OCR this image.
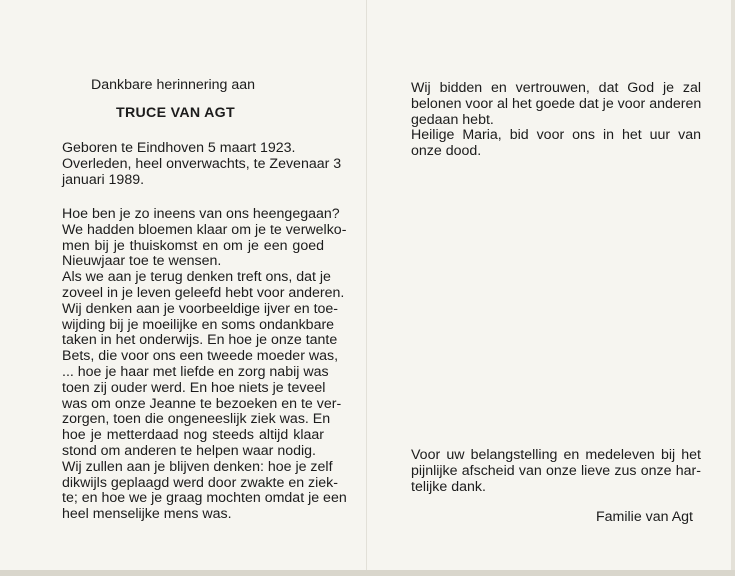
Dankbare herinnering aan

TRUCE VAN AGT

Geboren te Eindhoven 5 maart 1923.
Overleden, heel onverwachts, te Zevenaar 3
januari 1989.
Hoe ben je zo ineens van ons heengegaan?
We hadden bloemen klaar om je te verwelko-
men bij je thuiskomst en om je een goed
Nieuwjaar toe te wensen.
Als we aan je terug denken treft ons, dat je
zoveel in je leven geleefd hebt voor anderen.
Wij denken aan je voorbeeldige ijver en toe-
wijding bij je moeilijke en soms ondankbare
taken in het onderwijs. En hoe je onze tante
Bets, die voor ons een tweede moeder was,
... hoe je haar met liefde en zorg nabij was
toen zij ouder werd. En hoe niets je teveel
was om onze Jeanne te bezoeken en te ver-
zorgen, toen die ongeneeslijk ziek was. En
hoe je metterdaad nog steeds altijd klaar
stond om anderen te helpen waar nodig.
Wij zullen aan je blijven denken: hoe je zelf
dikwijls geplaagd werd door zwakte en ziek-
te; en hoe we je graag mochten omdat je een
heel menselijke mens was.
Wij bidden en vertrouwen, dat God je zal
belonen voor al het goede dat je voor anderen
gedaan hebt.
Heilige Maria, bid voor ons in het uur van
onze dood.
Voor uw belangstelling en medeleven bij het
pijnlijke afscheid van onze lieve zus onze har-
telijke dank.

Familie van Agt
